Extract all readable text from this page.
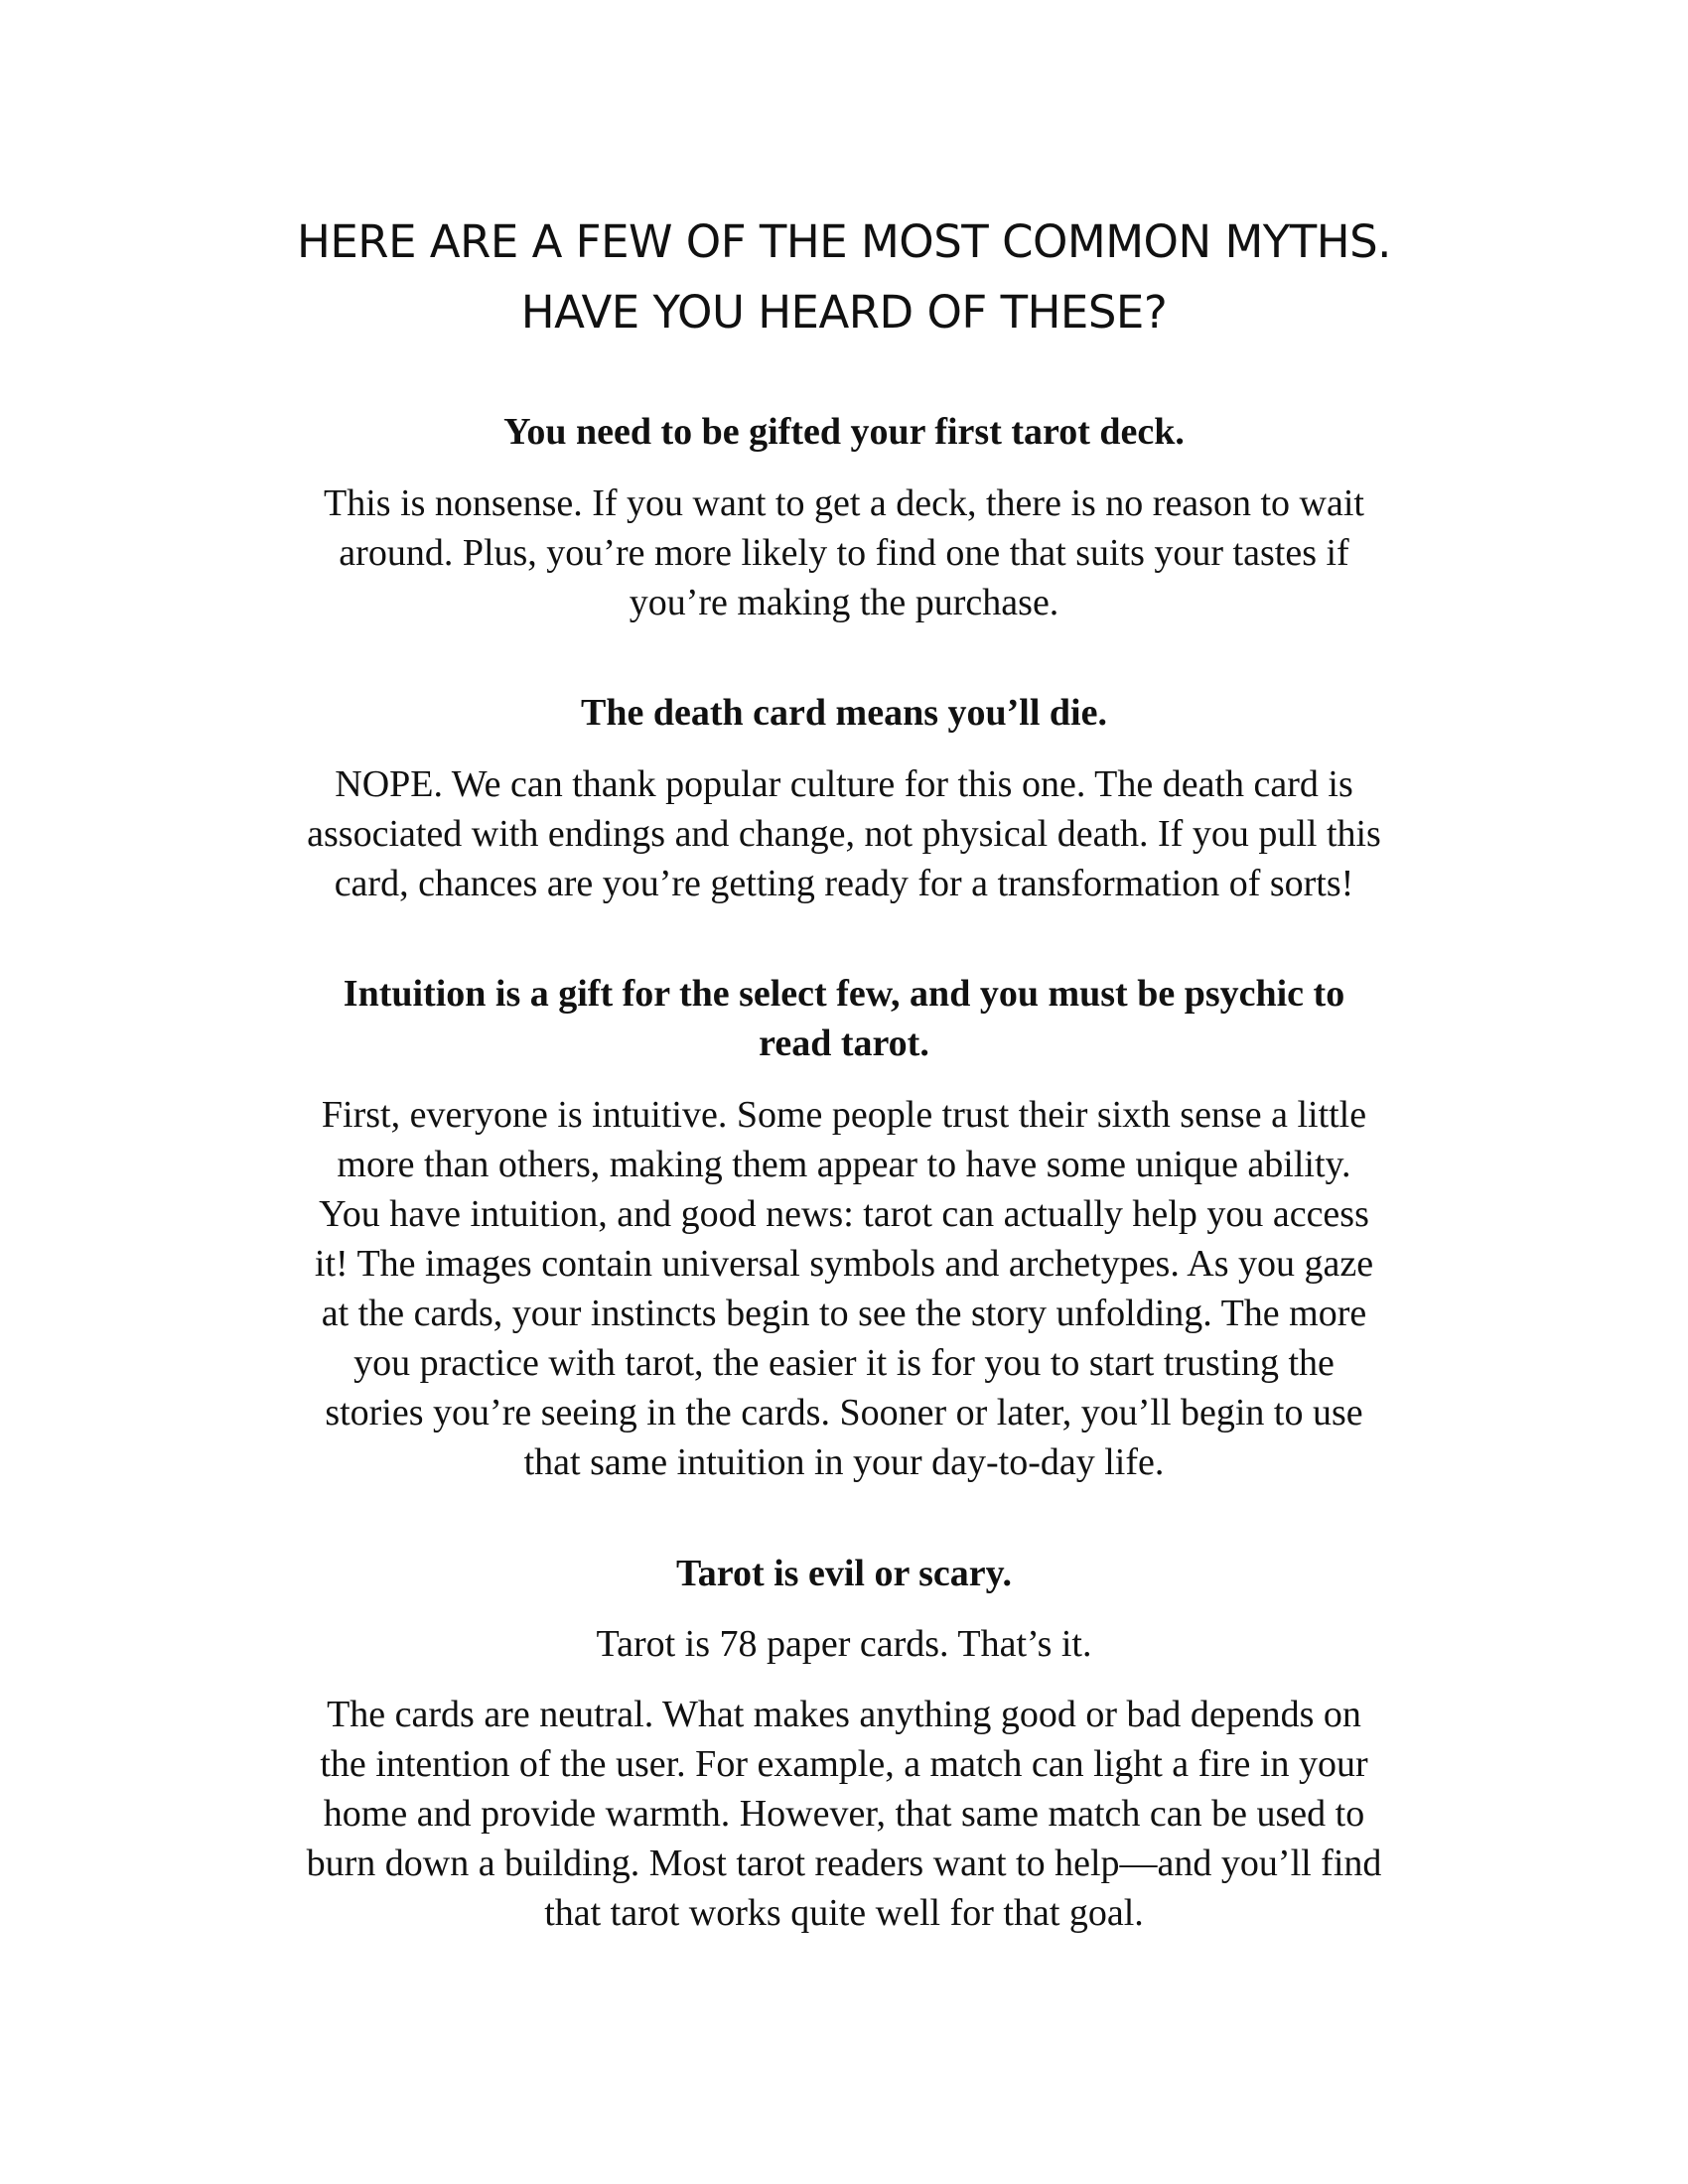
HERE ARE A FEW OF THE MOST COMMON MYTHS.
HAVE YOU HEARD OF THESE?
You need to be gifted your first tarot deck.
This is nonsense. If you want to get a deck, there is no reason to wait
around. Plus, you’re more likely to find one that suits your tastes if
you’re making the purchase.
The death card means you’ll die.
NOPE. We can thank popular culture for this one. The death card is
associated with endings and change, not physical death. If you pull this
card, chances are you’re getting ready for a transformation of sorts!
Intuition is a gift for the select few, and you must be psychic to
read tarot.
First, everyone is intuitive. Some people trust their sixth sense a little
more than others, making them appear to have some unique ability.
You have intuition, and good news: tarot can actually help you access
it! The images contain universal symbols and archetypes. As you gaze
at the cards, your instincts begin to see the story unfolding. The more
you practice with tarot, the easier it is for you to start trusting the
stories you’re seeing in the cards. Sooner or later, you’ll begin to use
that same intuition in your day-to-day life.
Tarot is evil or scary.
Tarot is 78 paper cards. That’s it.
The cards are neutral. What makes anything good or bad depends on
the intention of the user. For example, a match can light a fire in your
home and provide warmth. However, that same match can be used to
burn down a building. Most tarot readers want to help—and you’ll find
that tarot works quite well for that goal.
